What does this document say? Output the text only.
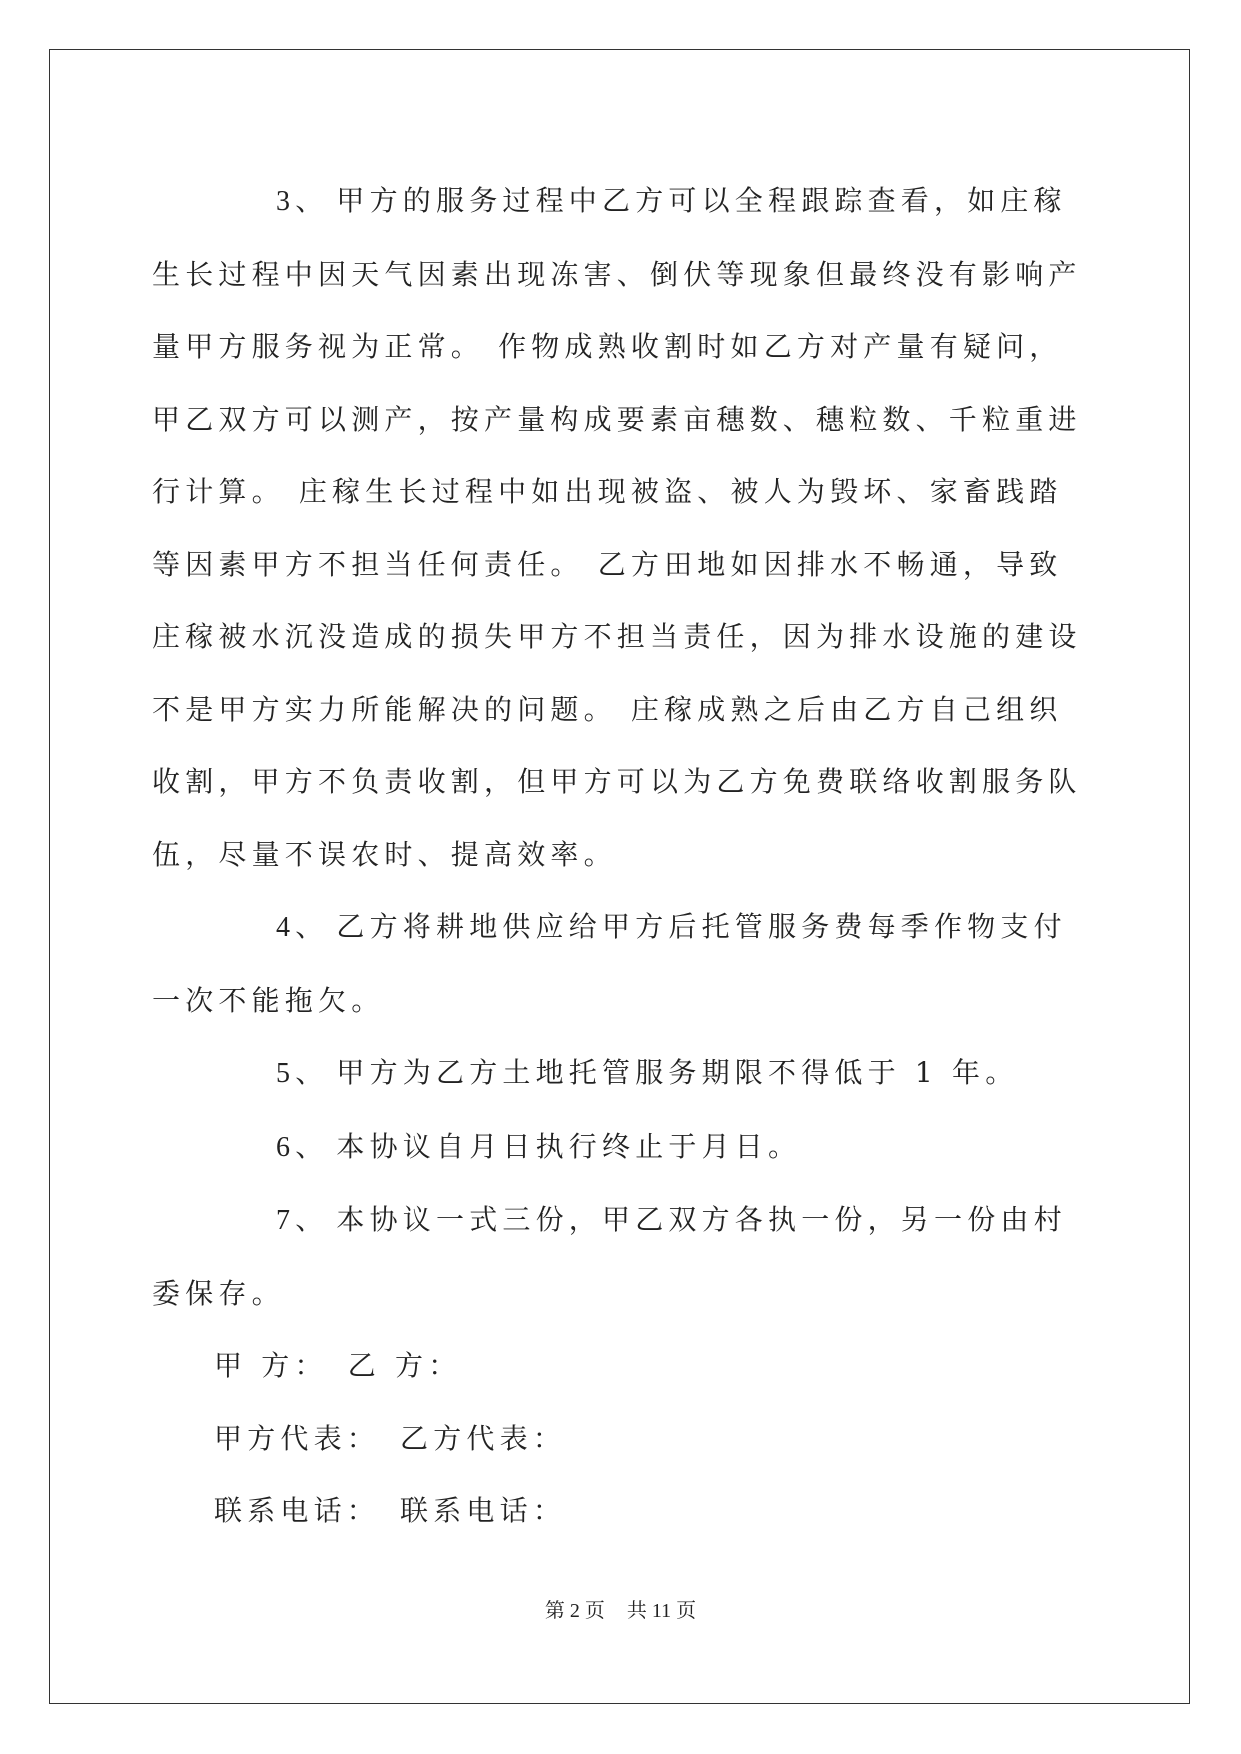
3、 甲方的服务过程中乙方可以全程跟踪查看，如庄稼生长过程中因天气因素出现冻害、倒伏等现象但最终没有影响产量甲方服务视为正常。 作物成熟收割时如乙方对产量有疑问，甲乙双方可以测产，按产量构成要素亩穗数、穗粒数、千粒重进行计算。 庄稼生长过程中如出现被盗、被人为毁坏、家畜践踏等因素甲方不担当任何责任。 乙方田地如因排水不畅通，导致庄稼被水沉没造成的损失甲方不担当责任，因为排水设施的建设不是甲方实力所能解决的问题。 庄稼成熟之后由乙方自己组织收割，甲方不负责收割，但甲方可以为乙方免费联络收割服务队伍，尽量不误农时、提高效率。

4、 乙方将耕地供应给甲方后托管服务费每季作物支付一次不能拖欠。

5、 甲方为乙方土地托管服务期限不得低于 1 年。

6、 本协议自月日执行终止于月日。

7、 本协议一式三份，甲乙双方各执一份，另一份由村委保存。

甲 方： 乙 方：

甲方代表： 乙方代表：

联系电话： 联系电话：

第 2 页 共 11 页
